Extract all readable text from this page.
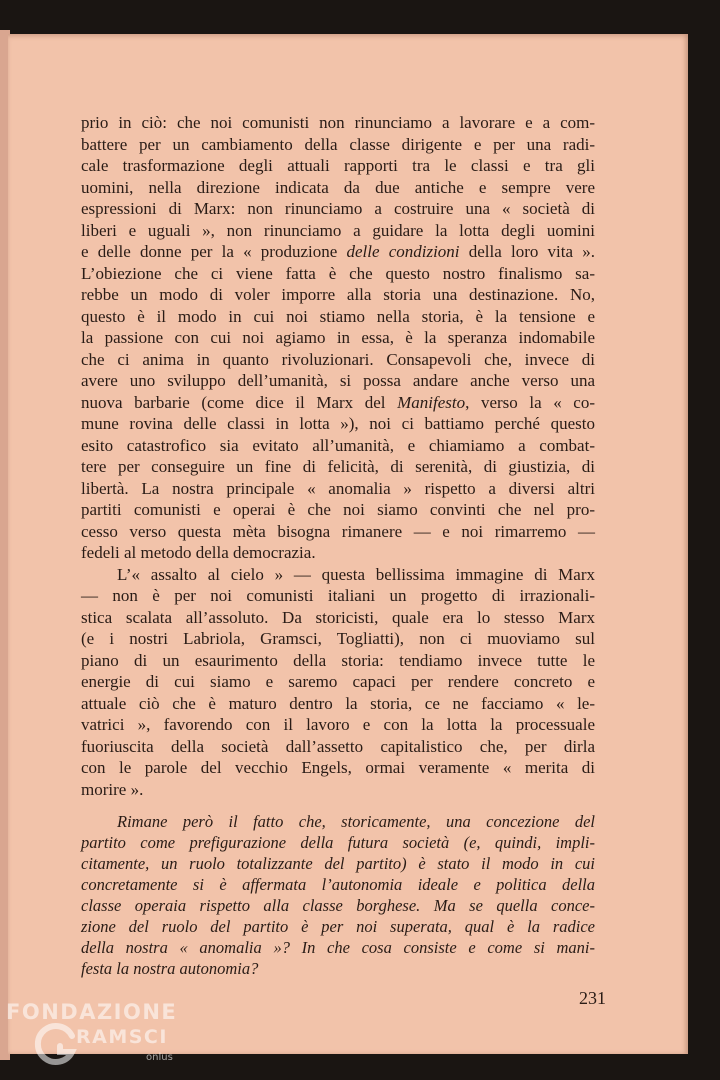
prio in ciò: che noi comunisti non rinunciamo a lavorare e a com-
battere per un cambiamento della classe dirigente e per una radi-
cale trasformazione degli attuali rapporti tra le classi e tra gli
uomini, nella direzione indicata da due antiche e sempre vere
espressioni di Marx: non rinunciamo a costruire una « società di
liberi e uguali », non rinunciamo a guidare la lotta degli uomini
e delle donne per la « produzione delle condizioni della loro vita ».
L’obiezione che ci viene fatta è che questo nostro finalismo sa-
rebbe un modo di voler imporre alla storia una destinazione. No,
questo è il modo in cui noi stiamo nella storia, è la tensione e
la passione con cui noi agiamo in essa, è la speranza indomabile
che ci anima in quanto rivoluzionari. Consapevoli che, invece di
avere uno sviluppo dell’umanità, si possa andare anche verso una
nuova barbarie (come dice il Marx del Manifesto, verso la « co-
mune rovina delle classi in lotta »), noi ci battiamo perché questo
esito catastrofico sia evitato all’umanità, e chiamiamo a combat-
tere per conseguire un fine di felicità, di serenità, di giustizia, di
libertà. La nostra principale « anomalia » rispetto a diversi altri
partiti comunisti e operai è che noi siamo convinti che nel pro-
cesso verso questa mèta bisogna rimanere — e noi rimarremo —
fedeli al metodo della democrazia.
L’« assalto al cielo » — questa bellissima immagine di Marx
— non è per noi comunisti italiani un progetto di irrazionali-
stica scalata all’assoluto. Da storicisti, quale era lo stesso Marx
(e i nostri Labriola, Gramsci, Togliatti), non ci muoviamo sul
piano di un esaurimento della storia: tendiamo invece tutte le
energie di cui siamo e saremo capaci per rendere concreto e
attuale ciò che è maturo dentro la storia, ce ne facciamo « le-
vatrici », favorendo con il lavoro e con la lotta la processuale
fuoriuscita della società dall’assetto capitalistico che, per dirla
con le parole del vecchio Engels, ormai veramente « merita di
morire ».
Rimane però il fatto che, storicamente, una concezione del
partito come prefigurazione della futura società (e, quindi, impli-
citamente, un ruolo totalizzante del partito) è stato il modo in cui
concretamente si è affermata l’autonomia ideale e politica della
classe operaia rispetto alla classe borghese. Ma se quella conce-
zione del ruolo del partito è per noi superata, qual è la radice
della nostra « anomalia »? In che cosa consiste e come si mani-
festa la nostra autonomia?
231
FONDAZIONE
RAMSCI
onlus
